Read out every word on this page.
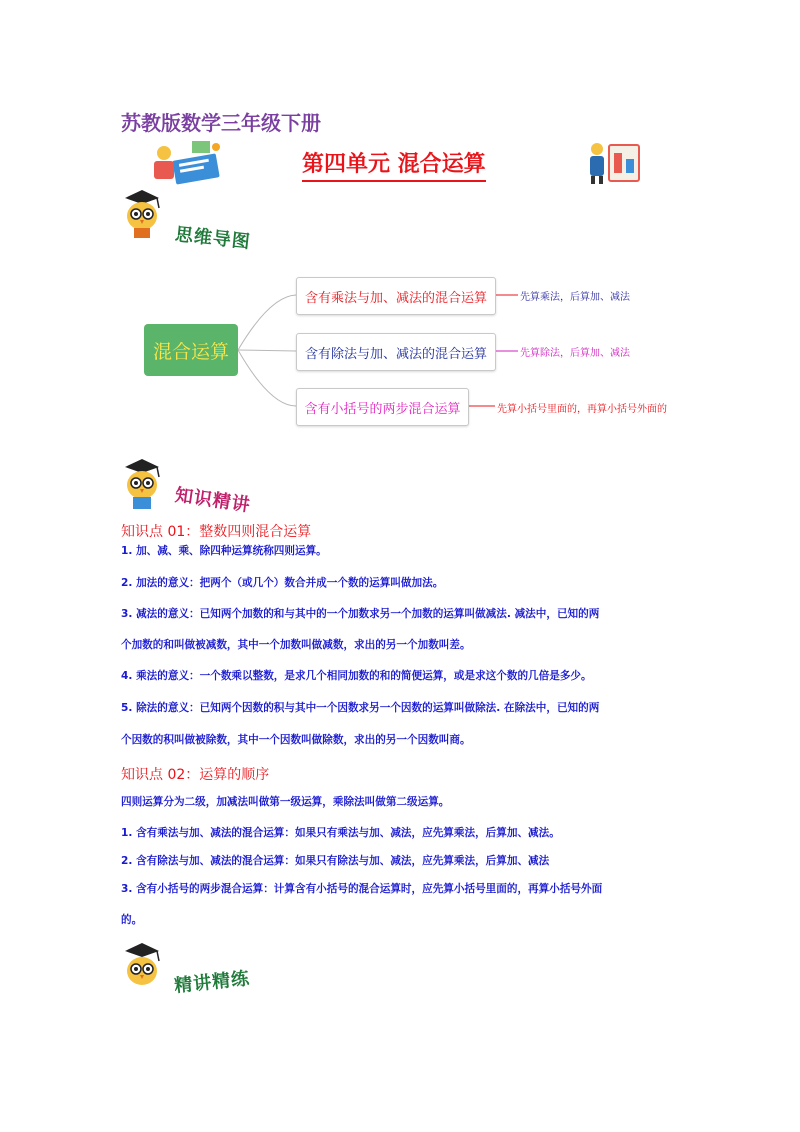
苏教版数学三年级下册
第四单元 混合运算
思维导图
混合运算
含有乘法与加、减法的混合运算
含有除法与加、减法的混合运算
含有小括号的两步混合运算
先算乘法，后算加、减法
先算除法，后算加、减法
先算小括号里面的，再算小括号外面的
知识精讲
知识点 01：整数四则混合运算
1. 加、减、乘、除四种运算统称四则运算。
2. 加法的意义：把两个（或几个）数合并成一个数的运算叫做加法。
3. 减法的意义：已知两个加数的和与其中的一个加数求另一个加数的运算叫做减法. 减法中，已知的两
个加数的和叫做被减数，其中一个加数叫做减数，求出的另一个加数叫差。
4. 乘法的意义：一个数乘以整数，是求几个相同加数的和的简便运算，或是求这个数的几倍是多少。
5. 除法的意义：已知两个因数的积与其中一个因数求另一个因数的运算叫做除法. 在除法中，已知的两
个因数的积叫做被除数，其中一个因数叫做除数，求出的另一个因数叫商。
知识点 02：运算的顺序
四则运算分为二级，加减法叫做第一级运算，乘除法叫做第二级运算。
1. 含有乘法与加、减法的混合运算：如果只有乘法与加、减法，应先算乘法，后算加、减法。
2. 含有除法与加、减法的混合运算：如果只有除法与加、减法，应先算乘法，后算加、减法
3. 含有小括号的两步混合运算：计算含有小括号的混合运算时，应先算小括号里面的，再算小括号外面
的。
精讲精练
